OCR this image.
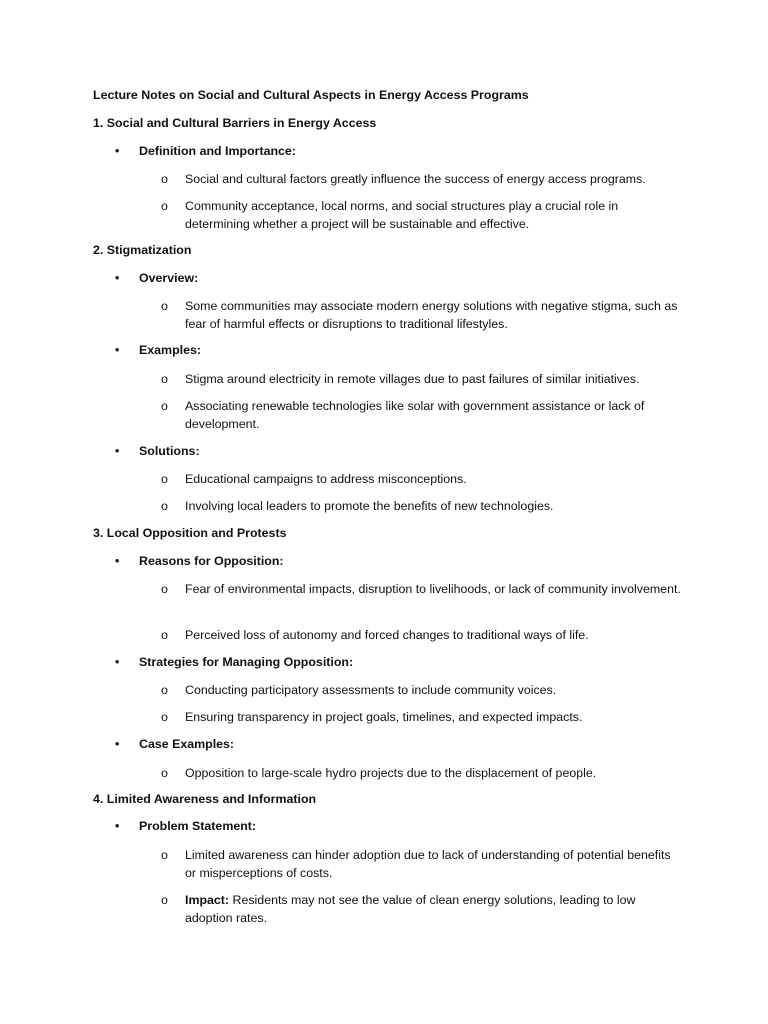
Lecture Notes on Social and Cultural Aspects in Energy Access Programs
1. Social and Cultural Barriers in Energy Access
• Definition and Importance:
o	Social and cultural factors greatly influence the success of energy access programs.
o	Community acceptance, local norms, and social structures play a crucial role in determining whether a project will be sustainable and effective.
2. Stigmatization
• Overview:
o	Some communities may associate modern energy solutions with negative stigma, such as fear of harmful effects or disruptions to traditional lifestyles.
• Examples:
o	Stigma around electricity in remote villages due to past failures of similar initiatives.
o	Associating renewable technologies like solar with government assistance or lack of development.
• Solutions:
o	Educational campaigns to address misconceptions.
o	Involving local leaders to promote the benefits of new technologies.
3. Local Opposition and Protests
• Reasons for Opposition:
o	Fear of environmental impacts, disruption to livelihoods, or lack of community involvement.
o	Perceived loss of autonomy and forced changes to traditional ways of life.
• Strategies for Managing Opposition:
o	Conducting participatory assessments to include community voices.
o	Ensuring transparency in project goals, timelines, and expected impacts.
• Case Examples:
o	Opposition to large-scale hydro projects due to the displacement of people.
4. Limited Awareness and Information
• Problem Statement:
o	Limited awareness can hinder adoption due to lack of understanding of potential benefits or misperceptions of costs.
o	Impact: Residents may not see the value of clean energy solutions, leading to low adoption rates.
